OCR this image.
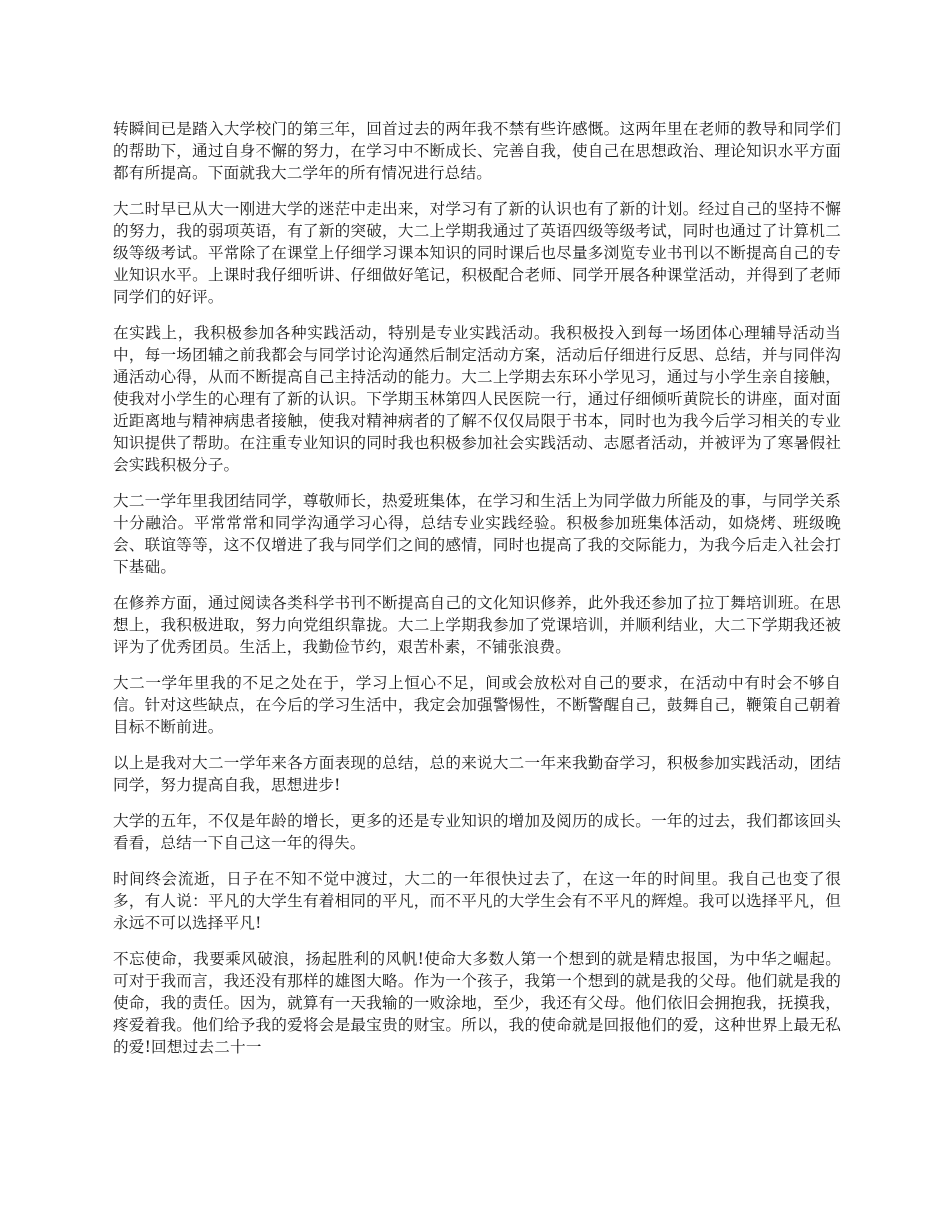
转瞬间已是踏入大学校门的第三年，回首过去的两年我不禁有些许感慨。这两年里在老师的教导和同学们的帮助下，通过自身不懈的努力，在学习中不断成长、完善自我，使自己在思想政治、理论知识水平方面都有所提高。下面就我大二学年的所有情况进行总结。

大二时早已从大一刚进大学的迷茫中走出来，对学习有了新的认识也有了新的计划。经过自己的坚持不懈的努力，我的弱项英语，有了新的突破，大二上学期我通过了英语四级等级考试，同时也通过了计算机二级等级考试。平常除了在课堂上仔细学习课本知识的同时课后也尽量多浏览专业书刊以不断提高自己的专业知识水平。上课时我仔细听讲、仔细做好笔记，积极配合老师、同学开展各种课堂活动，并得到了老师同学们的好评。

在实践上，我积极参加各种实践活动，特别是专业实践活动。我积极投入到每一场团体心理辅导活动当中，每一场团辅之前我都会与同学讨论沟通然后制定活动方案，活动后仔细进行反思、总结，并与同伴沟通活动心得，从而不断提高自己主持活动的能力。大二上学期去东环小学见习，通过与小学生亲自接触，使我对小学生的心理有了新的认识。下学期玉林第四人民医院一行，通过仔细倾听黄院长的讲座，面对面近距离地与精神病患者接触，使我对精神病者的了解不仅仅局限于书本，同时也为我今后学习相关的专业知识提供了帮助。在注重专业知识的同时我也积极参加社会实践活动、志愿者活动，并被评为了寒暑假社会实践积极分子。

大二一学年里我团结同学，尊敬师长，热爱班集体，在学习和生活上为同学做力所能及的事，与同学关系十分融洽。平常常常和同学沟通学习心得，总结专业实践经验。积极参加班集体活动，如烧烤、班级晚会、联谊等等，这不仅增进了我与同学们之间的感情，同时也提高了我的交际能力，为我今后走入社会打下基础。

在修养方面，通过阅读各类科学书刊不断提高自己的文化知识修养，此外我还参加了拉丁舞培训班。在思想上，我积极进取，努力向党组织靠拢。大二上学期我参加了党课培训，并顺利结业，大二下学期我还被评为了优秀团员。生活上，我勤俭节约，艰苦朴素，不铺张浪费。

大二一学年里我的不足之处在于，学习上恒心不足，间或会放松对自己的要求，在活动中有时会不够自信。针对这些缺点，在今后的学习生活中，我定会加强警惕性，不断警醒自己，鼓舞自己，鞭策自己朝着目标不断前进。

以上是我对大二一学年来各方面表现的总结，总的来说大二一年来我勤奋学习，积极参加实践活动，团结同学，努力提高自我，思想进步!

大学的五年，不仅是年龄的增长，更多的还是专业知识的增加及阅历的成长。一年的过去，我们都该回头看看，总结一下自己这一年的得失。

时间终会流逝，日子在不知不觉中渡过，大二的一年很快过去了，在这一年的时间里。我自己也变了很多，有人说：平凡的大学生有着相同的平凡，而不平凡的大学生会有不平凡的辉煌。我可以选择平凡，但永远不可以选择平凡!

不忘使命，我要乘风破浪，扬起胜利的风帆!使命大多数人第一个想到的就是精忠报国，为中华之崛起。可对于我而言，我还没有那样的雄图大略。作为一个孩子，我第一个想到的就是我的父母。他们就是我的使命，我的责任。因为，就算有一天我输的一败涂地，至少，我还有父母。他们依旧会拥抱我，抚摸我，疼爱着我。他们给予我的爱将会是最宝贵的财宝。所以，我的使命就是回报他们的爱，这种世界上最无私的爱!回想过去二十一
